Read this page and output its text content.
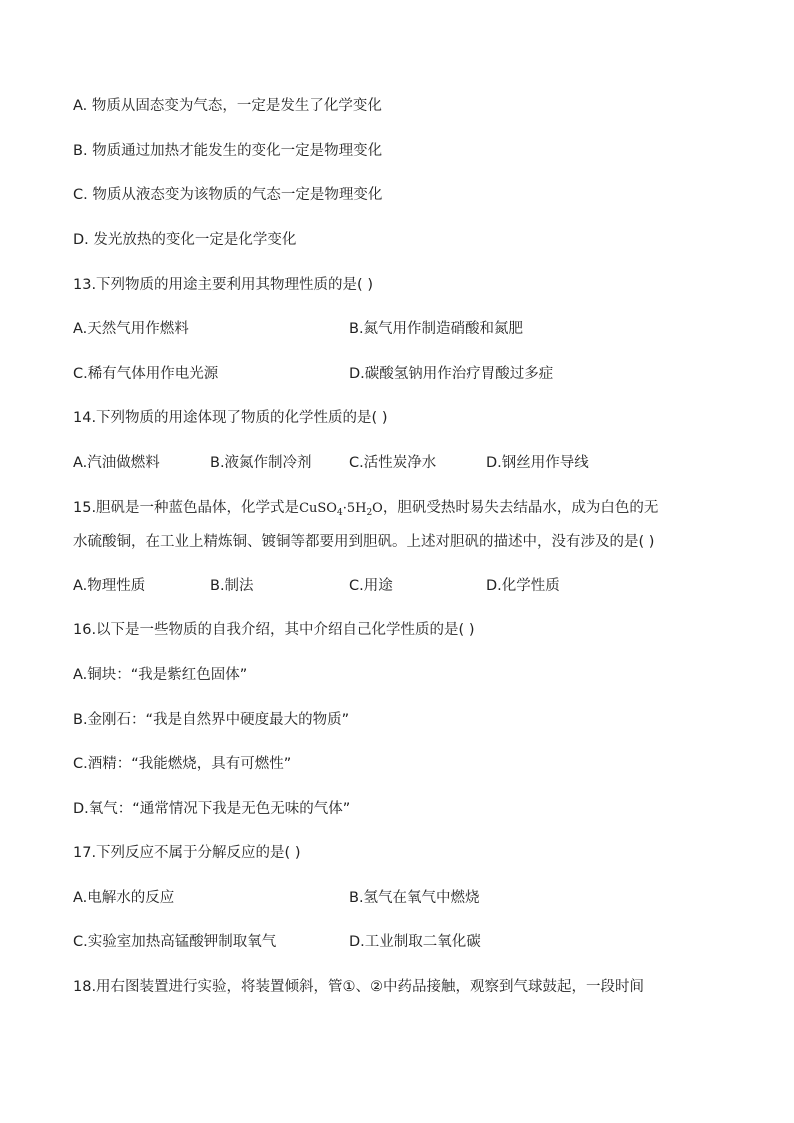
A. 物质从固态变为气态，一定是发生了化学变化
B. 物质通过加热才能发生的变化一定是物理变化
C. 物质从液态变为该物质的气态一定是物理变化
D. 发光放热的变化一定是化学变化
13.下列物质的用途主要利用其物理性质的是( )
A.天然气用作燃料	B.氮气用作制造硝酸和氮肥
C.稀有气体用作电光源	D.碳酸氢钠用作治疗胃酸过多症
14.下列物质的用途体现了物质的化学性质的是( )
A.汽油做燃料	B.液氮作制冷剂	C.活性炭净水	D.钢丝用作导线
15.胆矾是一种蓝色晶体，化学式是$CuSO_4\cdot 5H_2O$，胆矾受热时易失去结晶水，成为白色的无
水硫酸铜，在工业上精炼铜、镀铜等都要用到胆矾。上述对胆矾的描述中，没有涉及的是( )
A.物理性质	B.制法	C.用途	D.化学性质
16.以下是一些物质的自我介绍，其中介绍自己化学性质的是( )
A.铜块：“我是紫红色固体”
B.金刚石：“我是自然界中硬度最大的物质”
C.酒精：“我能燃烧，具有可燃性”
D.氧气：“通常情况下我是无色无味的气体”
17.下列反应不属于分解反应的是( )
A.电解水的反应	B.氢气在氧气中燃烧
C.实验室加热高锰酸钾制取氧气	D.工业制取二氧化碳
18.用右图装置进行实验，将装置倾斜，管①、②中药品接触，观察到气球鼓起，一段时间
